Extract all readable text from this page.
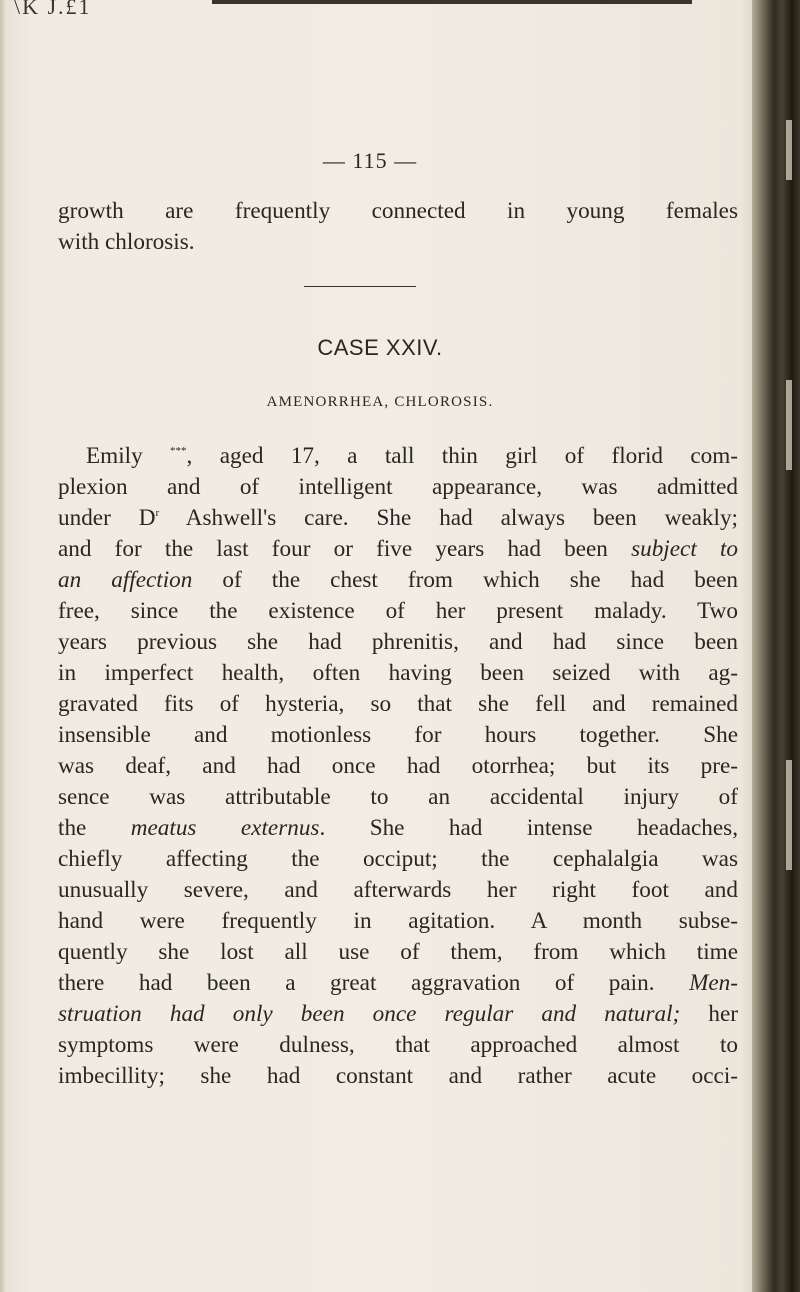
\K J.£1
— 115 —
growth are frequently connected in young females
with chlorosis.
CASE XXIV.
AMENORRHEA, CHLOROSIS.
Emily ***, aged 17, a tall thin girl of florid com-
plexion and of intelligent appearance, was admitted
under $D^r$ Ashwell's care. She had always been weakly;
and for the last four or five years had been subject to
an affection of the chest from which she had been
free, since the existence of her present malady. Two
years previous she had phrenitis, and had since been
in imperfect health, often having been seized with ag-
gravated fits of hysteria, so that she fell and remained
insensible and motionless for hours together. She
was deaf, and had once had otorrhea; but its pre-
sence was attributable to an accidental injury of
the meatus externus. She had intense headaches,
chiefly affecting the occiput; the cephalalgia was
unusually severe, and afterwards her right foot and
hand were frequently in agitation. A month subse-
quently she lost all use of them, from which time
there had been a great aggravation of pain. Men-
struation had only been once regular and natural; her
symptoms were dulness, that approached almost to
imbecillity; she had constant and rather acute occi-
